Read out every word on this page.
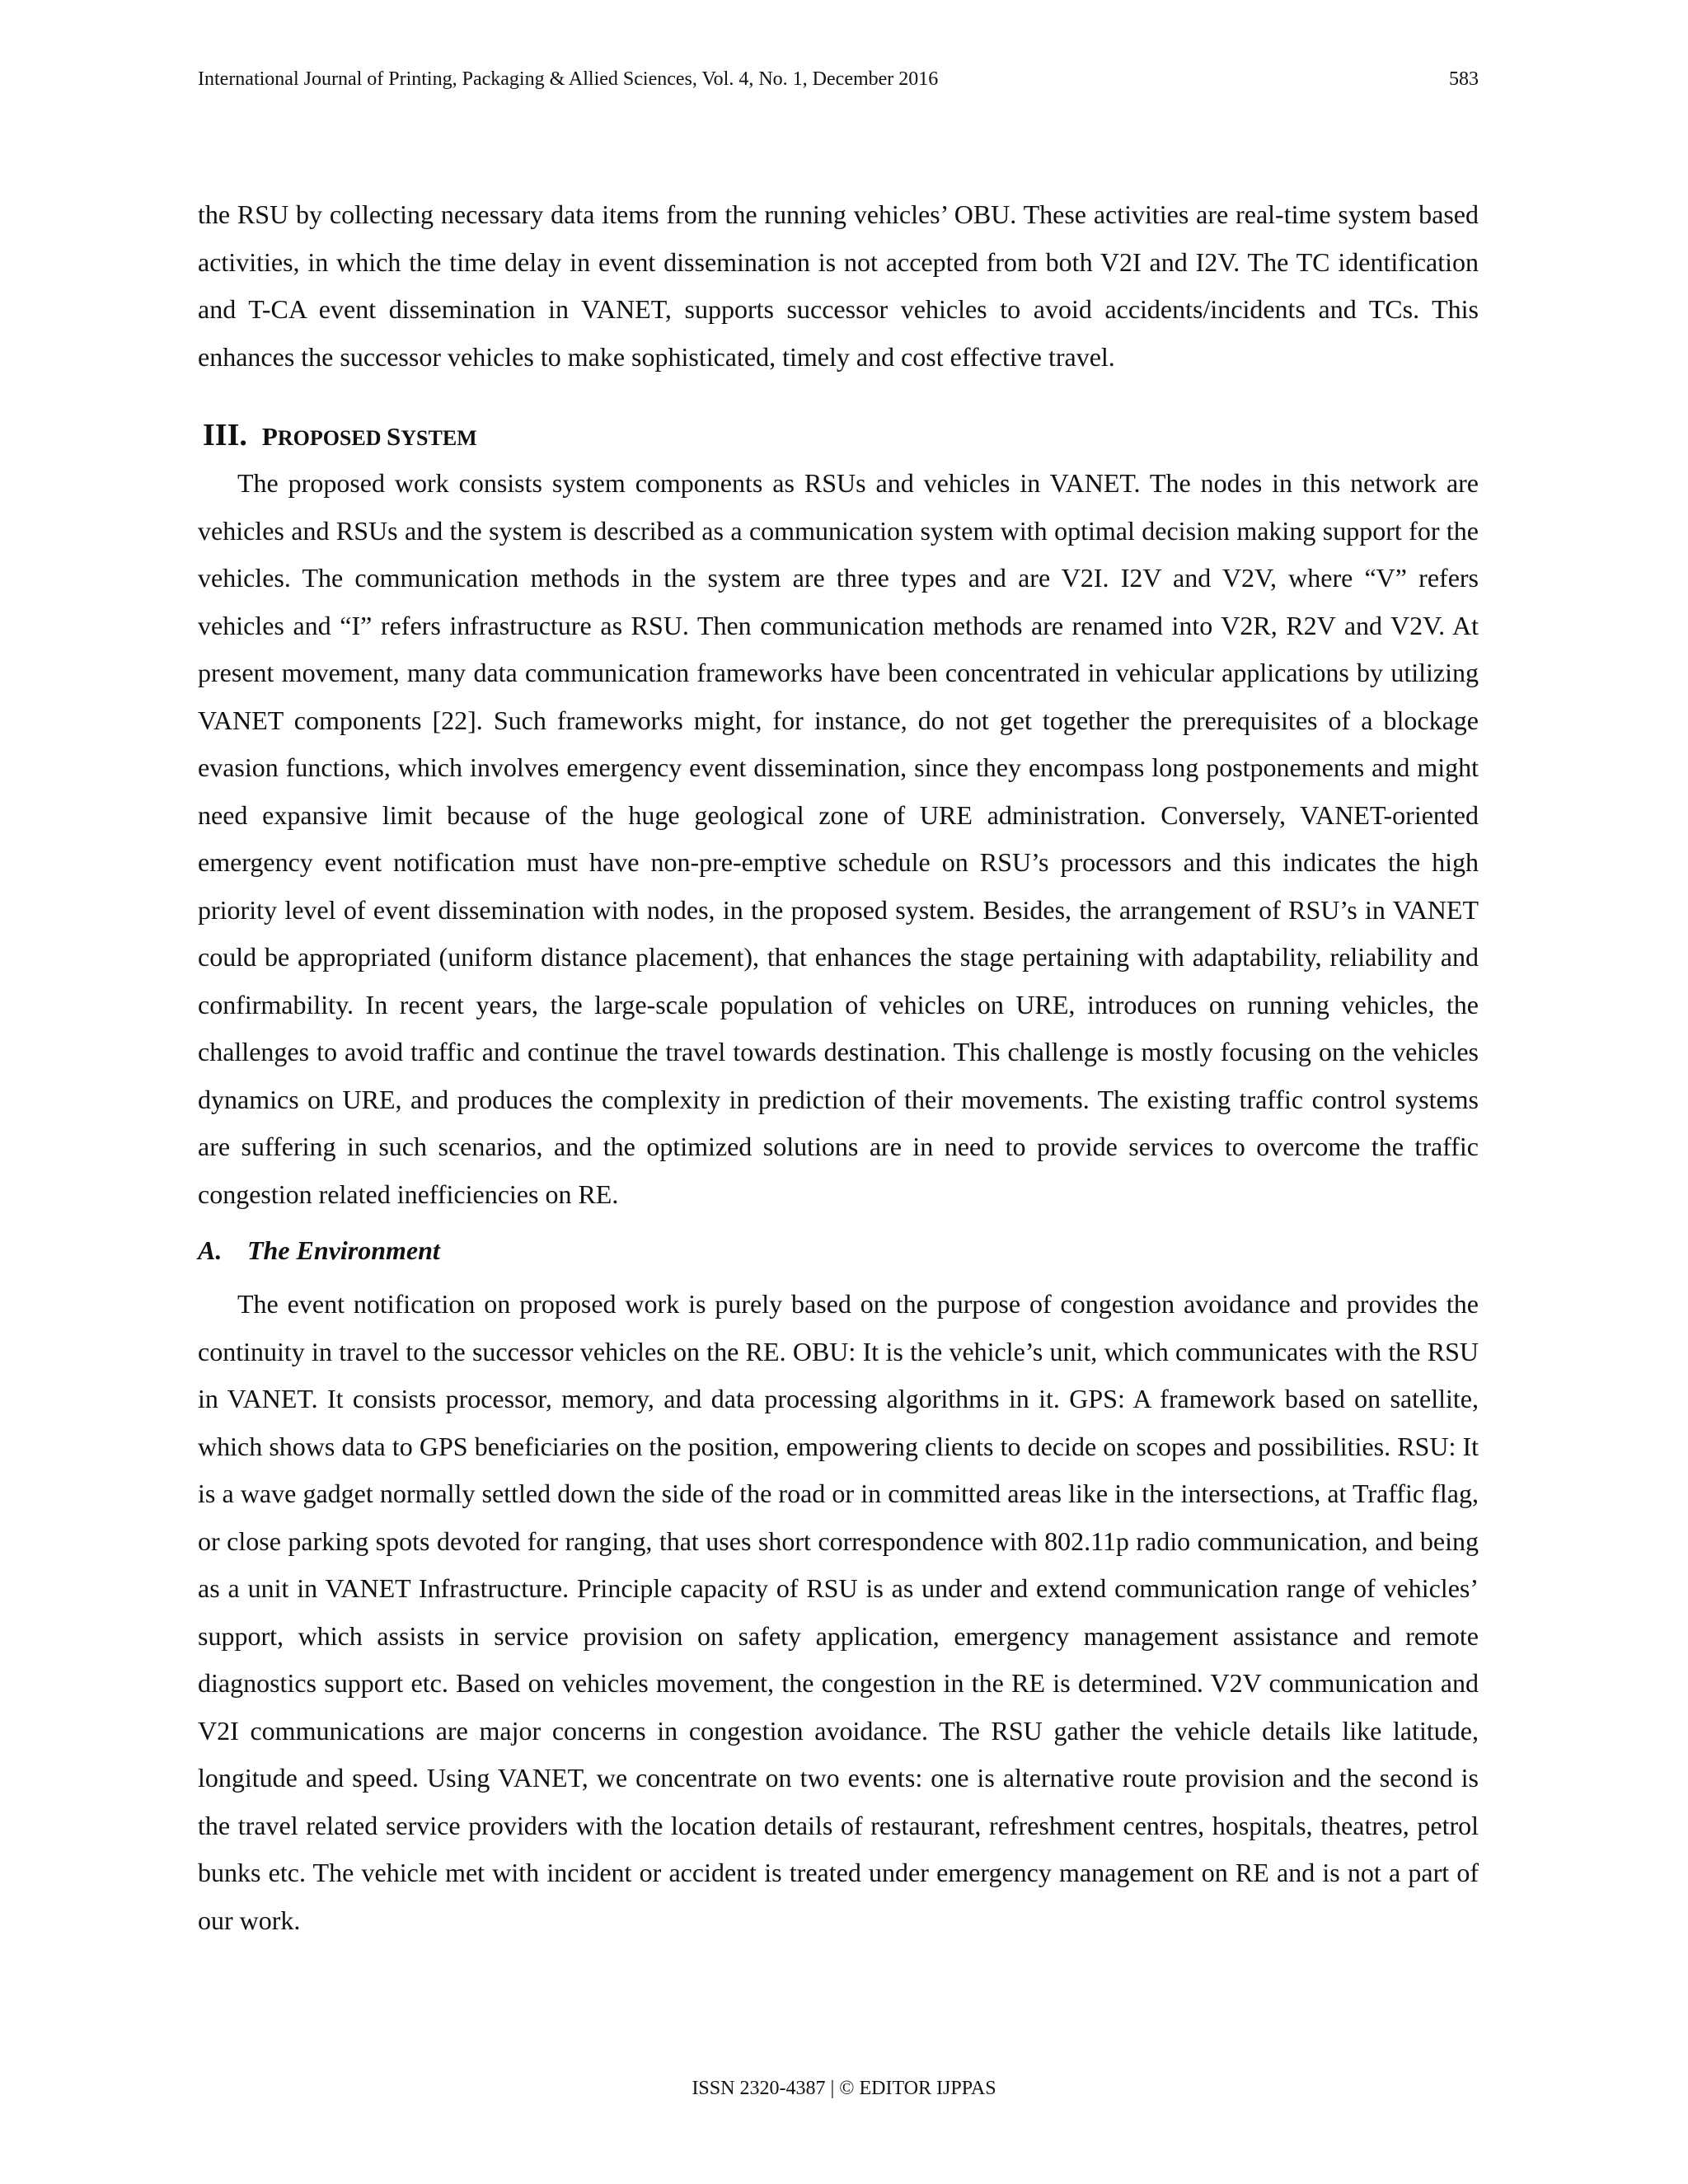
International Journal of Printing, Packaging & Allied Sciences, Vol. 4, No. 1, December 2016	583

the RSU by collecting necessary data items from the running vehicles’ OBU. These activities are real-time system based activities, in which the time delay in event dissemination is not accepted from both V2I and I2V. The TC identification and T-CA event dissemination in VANET, supports successor vehicles to avoid accidents/incidents and TCs. This enhances the successor vehicles to make sophisticated, timely and cost effective travel.

III. PROPOSED SYSTEM

The proposed work consists system components as RSUs and vehicles in VANET. The nodes in this network are vehicles and RSUs and the system is described as a communication system with optimal decision making support for the vehicles. The communication methods in the system are three types and are V2I. I2V and V2V, where “V” refers vehicles and “I” refers infrastructure as RSU. Then communication methods are renamed into V2R, R2V and V2V. At present movement, many data communication frameworks have been concentrated in vehicular applications by utilizing VANET components [22]. Such frameworks might, for instance, do not get together the prerequisites of a blockage evasion functions, which involves emergency event dissemination, since they encompass long postponements and might need expansive limit because of the huge geological zone of URE administration. Conversely, VANET-oriented emergency event notification must have non-pre-emptive schedule on RSU’s processors and this indicates the high priority level of event dissemination with nodes, in the proposed system. Besides, the arrangement of RSU’s in VANET could be appropriated (uniform distance placement), that enhances the stage pertaining with adaptability, reliability and confirmability. In recent years, the large-scale population of vehicles on URE, introduces on running vehicles, the challenges to avoid traffic and continue the travel towards destination. This challenge is mostly focusing on the vehicles dynamics on URE, and produces the complexity in prediction of their movements. The existing traffic control systems are suffering in such scenarios, and the optimized solutions are in need to provide services to overcome the traffic congestion related inefficiencies on RE.

A. The Environment

The event notification on proposed work is purely based on the purpose of congestion avoidance and provides the continuity in travel to the successor vehicles on the RE. OBU: It is the vehicle’s unit, which communicates with the RSU in VANET. It consists processor, memory, and data processing algorithms in it. GPS: A framework based on satellite, which shows data to GPS beneficiaries on the position, empowering clients to decide on scopes and possibilities. RSU: It is a wave gadget normally settled down the side of the road or in committed areas like in the intersections, at Traffic flag, or close parking spots devoted for ranging, that uses short correspondence with 802.11p radio communication, and being as a unit in VANET Infrastructure. Principle capacity of RSU is as under and extend communication range of vehicles’ support, which assists in service provision on safety application, emergency management assistance and remote diagnostics support etc. Based on vehicles movement, the congestion in the RE is determined. V2V communication and V2I communications are major concerns in congestion avoidance. The RSU gather the vehicle details like latitude, longitude and speed. Using VANET, we concentrate on two events: one is alternative route provision and the second is the travel related service providers with the location details of restaurant, refreshment centres, hospitals, theatres, petrol bunks etc. The vehicle met with incident or accident is treated under emergency management on RE and is not a part of our work.

ISSN 2320-4387 | © EDITOR IJPPAS
